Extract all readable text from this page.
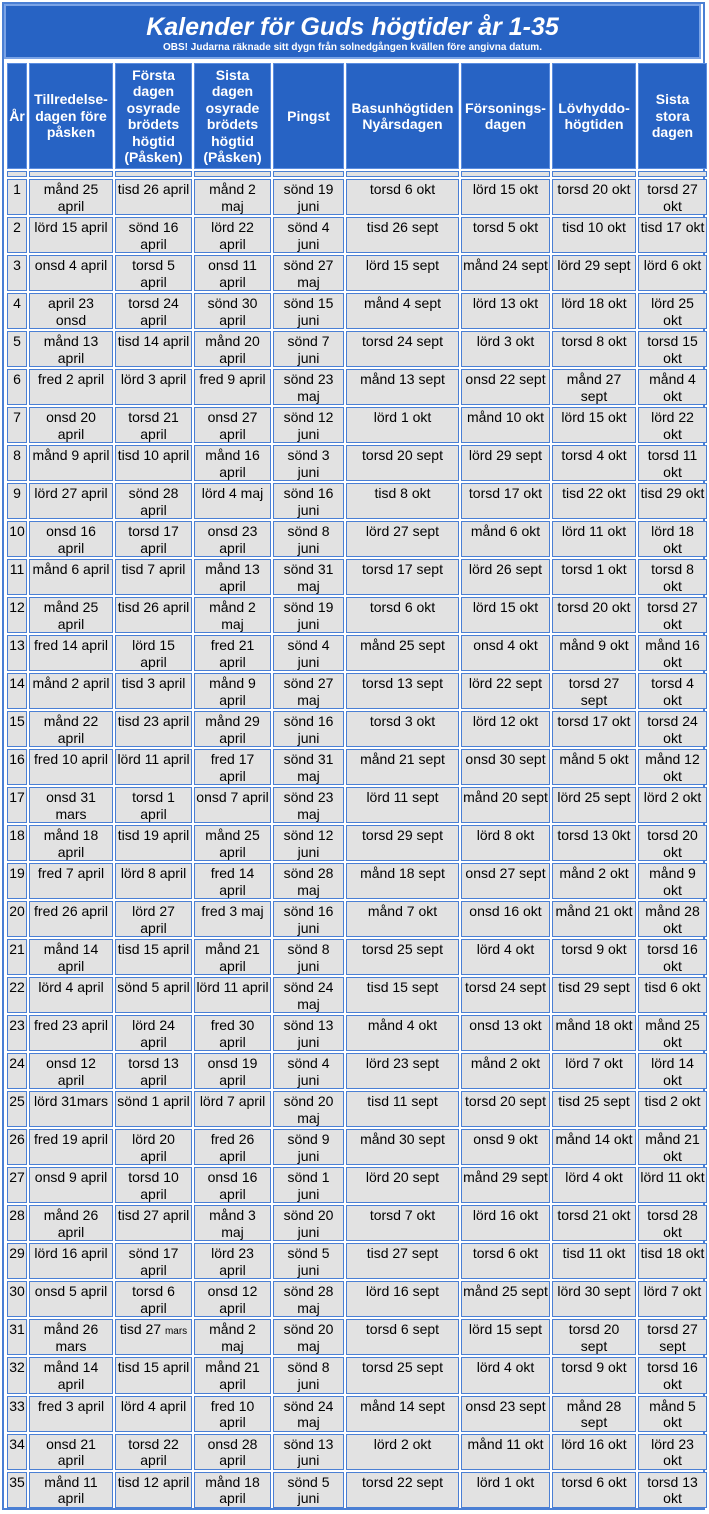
Kalender för Guds högtider år 1-35
OBS! Judarna räknade sitt dygn från solnedgången kvällen före angivna datum.
År	Tillredelse-dagen före påsken	Första dagen osyrade brödets högtid (Påsken)	Sista dagen osyrade brödets högtid (Påsken)	Pingst	Basunhögtiden Nyårsdagen	Försonings-dagen	Lövhyddo-högtiden	Sista stora dagen

1	månd 25 april	tisd 26 april	månd 2 maj	sönd 19 juni	torsd 6 okt	lörd 15 okt	torsd 20 okt	torsd 27 okt
2	lörd 15 april	sönd 16 april	lörd 22 april	sönd 4 juni	tisd 26 sept	torsd 5 okt	tisd 10 okt	tisd 17 okt
3	onsd 4 april	torsd 5 april	onsd 11 april	sönd 27 maj	lörd 15 sept	månd 24 sept	lörd 29 sept	lörd 6 okt
4	april 23 onsd	torsd 24 april	sönd 30 april	sönd 15 juni	månd 4 sept	lörd 13 okt	lörd 18 okt	lörd 25 okt
5	månd 13 april	tisd 14 april	månd 20 april	sönd 7 juni	torsd 24 sept	lörd 3 okt	torsd 8 okt	torsd 15 okt
6	fred 2 april	lörd 3 april	fred 9 april	sönd 23 maj	månd 13 sept	onsd 22 sept	månd 27 sept	månd 4 okt
7	onsd 20 april	torsd 21 april	onsd 27 april	sönd 12 juni	lörd 1 okt	månd 10 okt	lörd 15 okt	lörd 22 okt
8	månd 9 april	tisd 10 april	månd 16 april	sönd 3 juni	torsd 20 sept	lörd 29 sept	torsd 4 okt	torsd 11 okt
9	lörd 27 april	sönd 28 april	lörd 4 maj	sönd 16 juni	tisd 8 okt	torsd 17 okt	tisd 22 okt	tisd 29 okt
10	onsd 16 april	torsd 17 april	onsd 23 april	sönd 8 juni	lörd 27 sept	månd 6 okt	lörd 11 okt	lörd 18 okt
11	månd 6 april	tisd 7 april	månd 13 april	sönd 31 maj	torsd 17 sept	lörd 26 sept	torsd 1 okt	torsd 8 okt
12	månd 25 april	tisd 26 april	månd 2 maj	sönd 19 juni	torsd 6 okt	lörd 15 okt	torsd 20 okt	torsd 27 okt
13	fred 14 april	lörd 15 april	fred 21 april	sönd 4 juni	månd 25 sept	onsd 4 okt	månd 9 okt	månd 16 okt
14	månd 2 april	tisd 3 april	månd 9 april	sönd 27 maj	torsd 13 sept	lörd 22 sept	torsd 27 sept	torsd 4 okt
15	månd 22 april	tisd 23 april	månd 29 april	sönd 16 juni	torsd 3 okt	lörd 12 okt	torsd 17 okt	torsd 24 okt
16	fred 10 april	lörd 11 april	fred 17 april	sönd 31 maj	månd 21 sept	onsd 30 sept	månd 5 okt	månd 12 okt
17	onsd 31 mars	torsd 1 april	onsd 7 april	sönd 23 maj	lörd 11 sept	månd 20 sept	lörd 25 sept	lörd 2 okt
18	månd 18 april	tisd 19 april	månd 25 april	sönd 12 juni	torsd 29 sept	lörd 8 okt	torsd 13 0kt	torsd 20 okt
19	fred 7 april	lörd 8 april	fred 14 april	sönd 28 maj	månd 18 sept	onsd 27 sept	månd 2 okt	månd 9 okt
20	fred 26 april	lörd 27 april	fred 3 maj	sönd 16 juni	månd 7 okt	onsd 16 okt	månd 21 okt	månd 28 okt
21	månd 14 april	tisd 15 april	månd 21 april	sönd 8 juni	torsd 25 sept	lörd 4 okt	torsd 9 okt	torsd 16 okt
22	lörd 4 april	sönd 5 april	lörd 11 april	sönd 24 maj	tisd 15 sept	torsd 24 sept	tisd 29 sept	tisd 6 okt
23	fred 23 april	lörd 24 april	fred 30 april	sönd 13 juni	månd 4 okt	onsd 13 okt	månd 18 okt	månd 25 okt
24	onsd 12 april	torsd 13 april	onsd 19 april	sönd 4 juni	lörd 23 sept	månd 2 okt	lörd 7 okt	lörd 14 okt
25	lörd 31mars	sönd 1 april	lörd 7 april	sönd 20 maj	tisd 11 sept	torsd 20 sept	tisd 25 sept	tisd 2 okt
26	fred 19 april	lörd 20 april	fred 26 april	sönd 9 juni	månd 30 sept	onsd 9 okt	månd 14 okt	månd 21 okt
27	onsd 9 april	torsd 10 april	onsd 16 april	sönd 1 juni	lörd 20 sept	månd 29 sept	lörd 4 okt	lörd 11 okt
28	månd 26 april	tisd 27 april	månd 3 maj	sönd 20 juni	torsd 7 okt	lörd 16 okt	torsd 21 okt	torsd 28 okt
29	lörd 16 april	sönd 17 april	lörd 23 april	sönd 5 juni	tisd 27 sept	torsd 6 okt	tisd 11 okt	tisd 18 okt
30	onsd 5 april	torsd 6 april	onsd 12 april	sönd 28 maj	lörd 16 sept	månd 25 sept	lörd 30 sept	lörd 7 okt
31	månd 26 mars	tisd 27 mars	månd 2 maj	sönd 20 maj	torsd 6 sept	lörd 15 sept	torsd 20 sept	torsd 27 sept
32	månd 14 april	tisd 15 april	månd 21 april	sönd 8 juni	torsd 25 sept	lörd 4 okt	torsd 9 okt	torsd 16 okt
33	fred 3 april	lörd 4 april	fred 10 april	sönd 24 maj	månd 14 sept	onsd 23 sept	månd 28 sept	månd 5 okt
34	onsd 21 april	torsd 22 april	onsd 28 april	sönd 13 juni	lörd 2 okt	månd 11 okt	lörd 16 okt	lörd 23 okt
35	månd 11 april	tisd 12 april	månd 18 april	sönd 5 juni	torsd 22 sept	lörd 1 okt	torsd 6 okt	torsd 13 okt
